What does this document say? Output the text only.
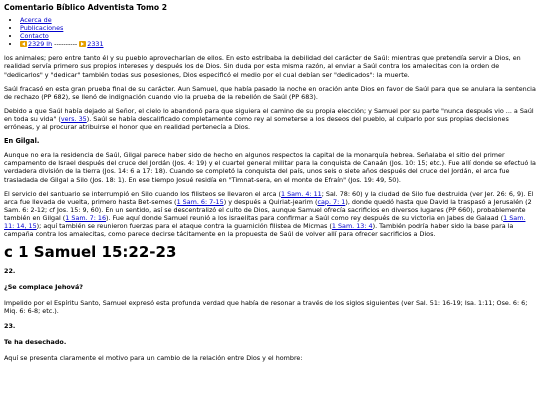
Comentario Bíblico Adventista Tomo 2
• Acerca de
• Publicaciones
• Contacto
• 2329 lh ---------- 2331

los animales; pero entre tanto él y su pueblo aprovecharían de ellos. En esto estribaba la debilidad del carácter de Saúl: mientras que pretendía servir a Dios, en realidad servía primero sus propios intereses y después los de Dios. Sin duda por esta misma razón, al enviar a Saúl contra los amalecitas con la orden de "dedicarlos" y "dedicar" también todas sus posesiones, Dios especificó el medio por el cual debían ser "dedicados": la muerte.

Saúl fracasó en esta gran prueba final de su carácter. Aun Samuel, que había pasado la noche en oración ante Dios en favor de Saúl para que se anulara la sentencia de rechazo (PP 682), se llenó de indignación cuando vio la prueba de la rebelión de Saúl (PP 683).

Debido a que Saúl había dejado al Señor, el cielo lo abandonó para que siguiera el camino de su propia elección; y Samuel por su parte "nunca después vio ... a Saúl en toda su vida" (vers. 35). Saúl se había descalificado completamente como rey al someterse a los deseos del pueblo, al culparlo por sus propias decisiones erróneas, y al procurar atribuirse el honor que en realidad pertenecía a Dios.

En Gilgal.

Aunque no era la residencia de Saúl, Gilgal parece haber sido de hecho en algunos respectos la capital de la monarquía hebrea. Señalaba el sitio del primer campamento de Israel después del cruce del Jordán (Jos. 4: 19) y el cuartel general militar para la conquista de Canaán (Jos. 10: 15; etc.). Fue allí donde se efectuó la verdadera división de la tierra (Jos. 14: 6 a 17: 18). Cuando se completó la conquista del país, unos seis o siete años después del cruce del Jordán, el arca fue trasladada de Gilgal a Silo (Jos. 18: 1). En ese tiempo Josué residía en "Timnat-sera, en el monte de Efraín" (Jos. 19: 49, 50).

El servicio del santuario se interrumpió en Silo cuando los filisteos se llevaron el arca (1 Sam. 4: 11; Sal. 78: 60) y la ciudad de Silo fue destruida (ver Jer. 26: 6, 9). El arca fue llevada de vuelta, primero hasta Bet-semes (1 Sam. 6: 7-15) y después a Quiriat-jearim (cap. 7: 1), donde quedó hasta que David la traspasó a Jerusalén (2 Sam. 6: 2-12; cf Jos. 15: 9, 60). En un sentido, así se descentralizó el culto de Dios, aunque Samuel ofrecía sacrificios en diversos lugares (PP 660), probablemente también en Gilgal (1 Sam. 7: 16). Fue aquí donde Samuel reunió a los israelitas para confirmar a Saúl como rey después de su victoria en Jabes de Galaad (1 Sam. 11: 14, 15); aquí también se reunieron fuerzas para el ataque contra la guarnición filistea de Micmas (1 Sam. 13: 4). También podría haber sido la base para la campaña contra los amalecitas, como parece decirse tácitamente en la propuesta de Saúl de volver allí para ofrecer sacrificios a Dios.

c 1 Samuel 15:22-23
22.
¿Se complace Jehová?

Impelido por el Espíritu Santo, Samuel expresó esta profunda verdad que había de resonar a través de los siglos siguientes (ver Sal. 51: 16-19; Isa. 1:11; Ose. 6: 6; Miq. 6: 6-8; etc.).

23.
Te ha desechado.

Aquí se presenta claramente el motivo para un cambio de la relación entre Dios y el hombre:
